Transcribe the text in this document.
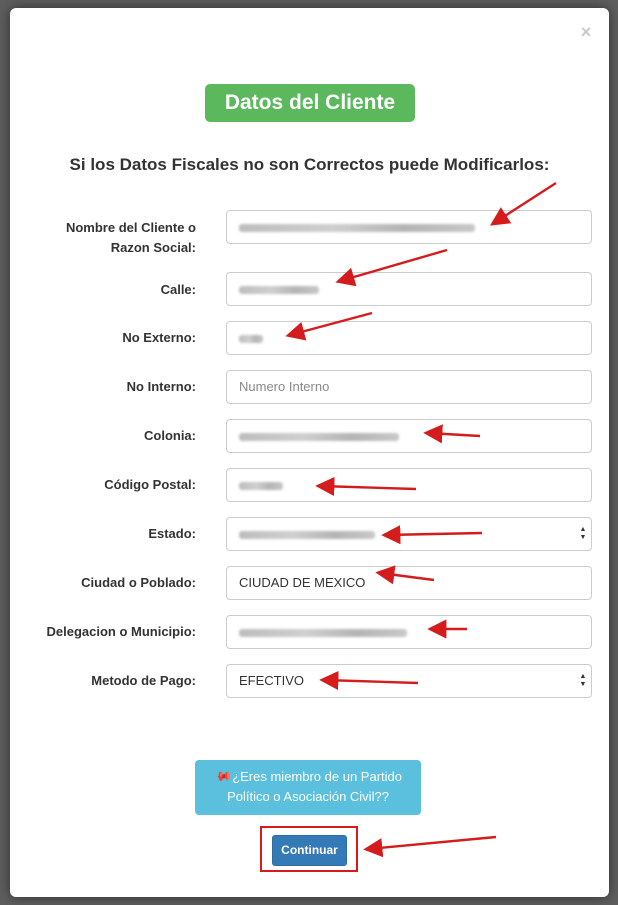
×
Datos del Cliente
Si los Datos Fiscales no son Correctos puede Modificarlos:
Nombre del Cliente o
Razon Social:
Calle:
No Externo:
No Interno:	Numero Interno
Colonia:
Código Postal:
Estado:	▲
▼
Ciudad o Poblado:	CIUDAD DE MEXICO
Delegacion o Municipio:
Metodo de Pago:	EFECTIVO	▲
▼
📌¿Eres miembro de un Partido
Político o Asociación Civil??
Continuar
